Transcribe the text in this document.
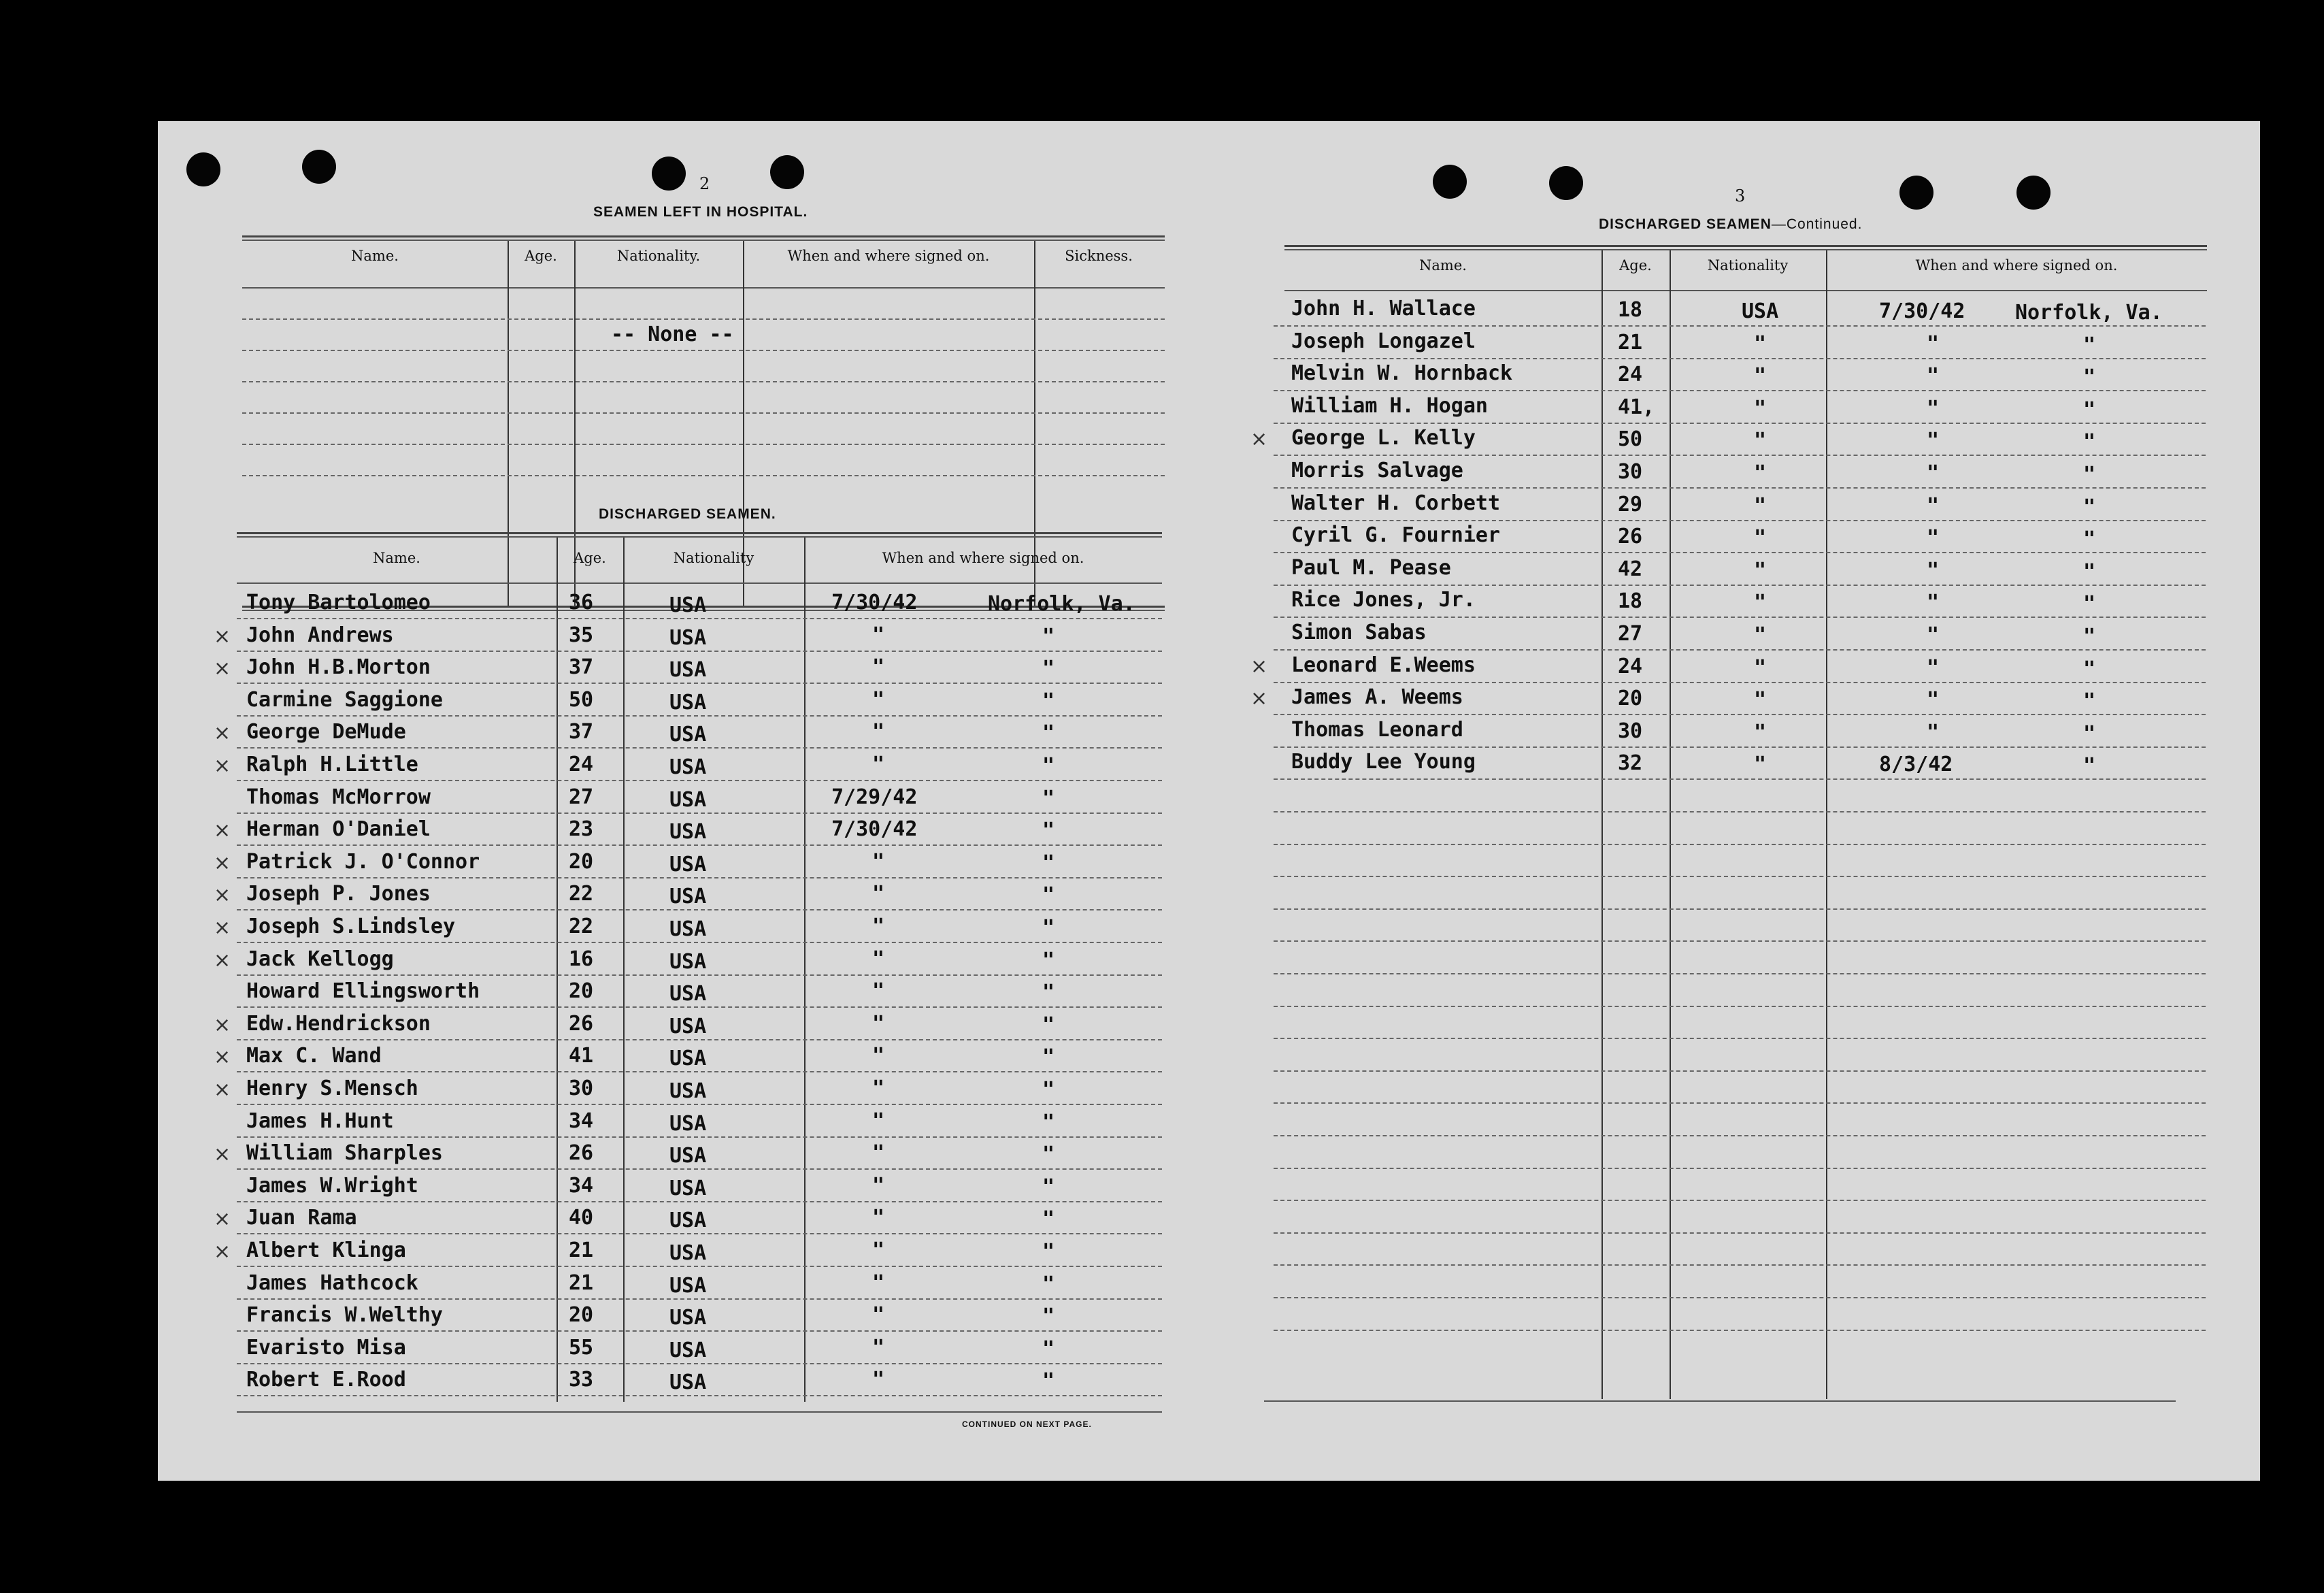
2
SEAMEN LEFT IN HOSPITAL.
Name.	Age.	Nationality.	When and where signed on.	Sickness.
-- None --
DISCHARGED SEAMEN.
Name.	Age.	Nationality	When and where signed on.
Tony Bartolomeo	36	USA	7/30/42	Norfolk, Va.
× John Andrews	35	USA	"	"
× John H.B.Morton	37	USA	"	"
Carmine Saggione	50	USA	"	"
× George DeMude	37	USA	"	"
× Ralph H.Little	24	USA	"	"
Thomas McMorrow	27	USA	7/29/42	"
× Herman O'Daniel	23	USA	7/30/42	"
× Patrick J. O'Connor	20	USA	"	"
× Joseph P. Jones	22	USA	"	"
× Joseph S.Lindsley	22	USA	"	"
× Jack Kellogg	16	USA	"	"
Howard Ellingsworth	20	USA	"	"
× Edw.Hendrickson	26	USA	"	"
× Max C. Wand	41	USA	"	"
× Henry S.Mensch	30	USA	"	"
James H.Hunt	34	USA	"	"
× William Sharples	26	USA	"	"
James W.Wright	34	USA	"	"
× Juan Rama	40	USA	"	"
× Albert Klinga	21	USA	"	"
James Hathcock	21	USA	"	"
Francis W.Welthy	20	USA	"	"
Evaristo Misa	55	USA	"	"
Robert E.Rood	33	USA	"	"
CONTINUED ON NEXT PAGE.
3
DISCHARGED SEAMEN—Continued.
Name.	Age.	Nationality	When and where signed on.
John H. Wallace	18	USA	7/30/42 Norfolk, Va.
Joseph Longazel	21	"	"	"
Melvin W. Hornback	24	"	"	"
William H. Hogan	41,	"	"	"
× George L. Kelly	50	"	"	"
Morris Salvage	30	"	"	"
Walter H. Corbett	29	"	"	"
Cyril G. Fournier	26	"	"	"
Paul M. Pease	42	"	"	"
Rice Jones, Jr.	18	"	"	"
Simon Sabas	27	"	"	"
× Leonard E.Weems	24	"	"	"
× James A. Weems	20	"	"	"
Thomas Leonard	30	"	"	"
Buddy Lee Young	32	"	8/3/42	"
